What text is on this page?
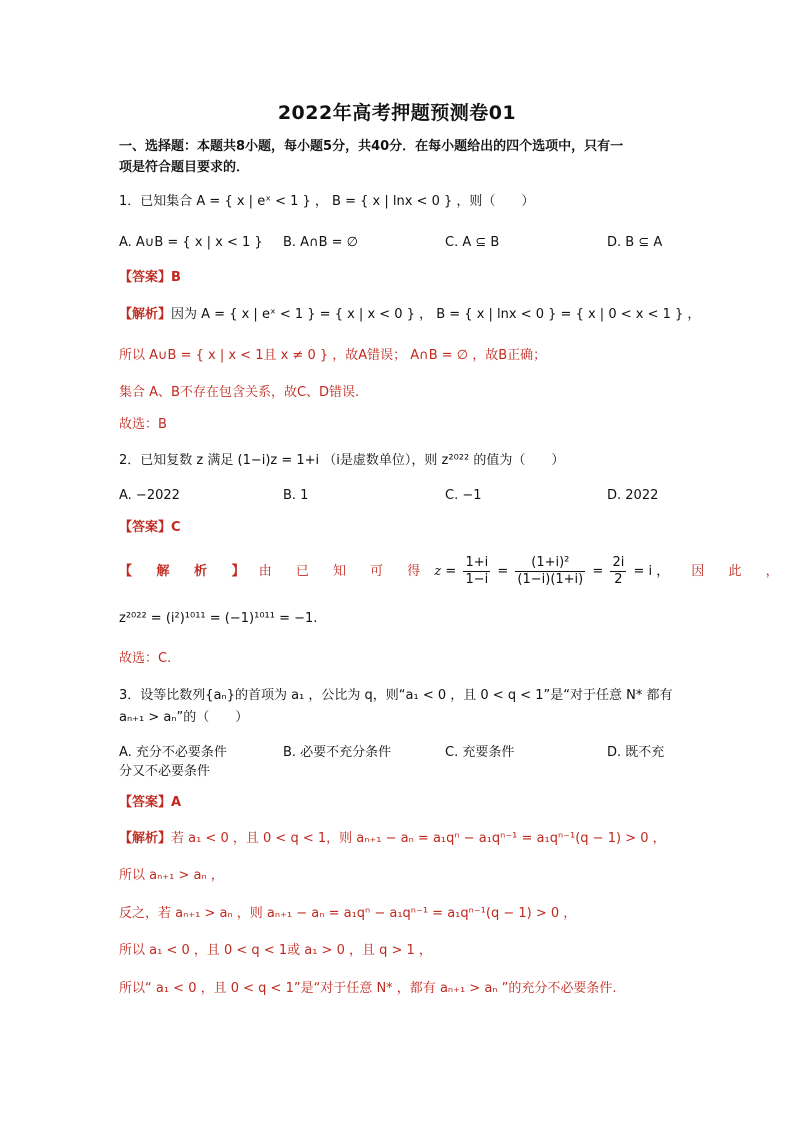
2022年高考押题预测卷01
一、选择题：本题共8小题，每小题5分，共40分．在每小题给出的四个选项中，只有一
项是符合题目要求的．
1．已知集合 A = { x | eˣ < 1 } ， B = { x | lnx < 0 } ，则（　　）
A. A∪B = { x | x < 1 } B. A∩B = ∅	C. A ⊆ B	D. B ⊆ A
【答案】B
【解析】因为 A = { x | eˣ < 1 } = { x | x < 0 } ， B = { x | lnx < 0 } = { x | 0 < x < 1 } ，
所以 A∪B = { x | x < 1且 x ≠ 0 } ，故A错误； A∩B = ∅ ，故B正确；
集合 A、B不存在包含关系，故C、D错误.
故选：B
2．已知复数 z 满足 (1−i)z = 1+i （i是虚数单位），则 z²⁰²² 的值为（　　）
A. −2022	B. 1	C. −1	D. 2022
【答案】C
【 解 析 】 由 已 知 可 得 $z = \frac{1+i}{1-i} = \frac{\text{(1+i)²}}{(1-i)(1+i)} = \frac{2i}{2} = i$ ， 因 此 ，
z²⁰²² = (i²)¹⁰¹¹ = (−1)¹⁰¹¹ = −1.
故选：C.
3．设等比数列{aₙ}的首项为 a₁ ，公比为 q，则“a₁ < 0 ，且 0 < q < 1”是“对于任意 N* 都有
aₙ₊₁ > aₙ”的（　　）
A. 充分不必要条件	B. 必要不充分条件	C. 充要条件	D. 既不充
分又不必要条件
【答案】A
【解析】若 a₁ < 0 ，且 0 < q < 1，则 aₙ₊₁ − aₙ = a₁qⁿ − a₁qⁿ⁻¹ = a₁qⁿ⁻¹(q − 1) > 0 ，
所以 aₙ₊₁ > aₙ ，
反之，若 aₙ₊₁ > aₙ ，则 aₙ₊₁ − aₙ = a₁qⁿ − a₁qⁿ⁻¹ = a₁qⁿ⁻¹(q − 1) > 0 ，
所以 a₁ < 0 ，且 0 < q < 1或 a₁ > 0 ，且 q > 1 ，
所以“ a₁ < 0 ，且 0 < q < 1”是“对于任意 N* ，都有 aₙ₊₁ > aₙ ”的充分不必要条件.
